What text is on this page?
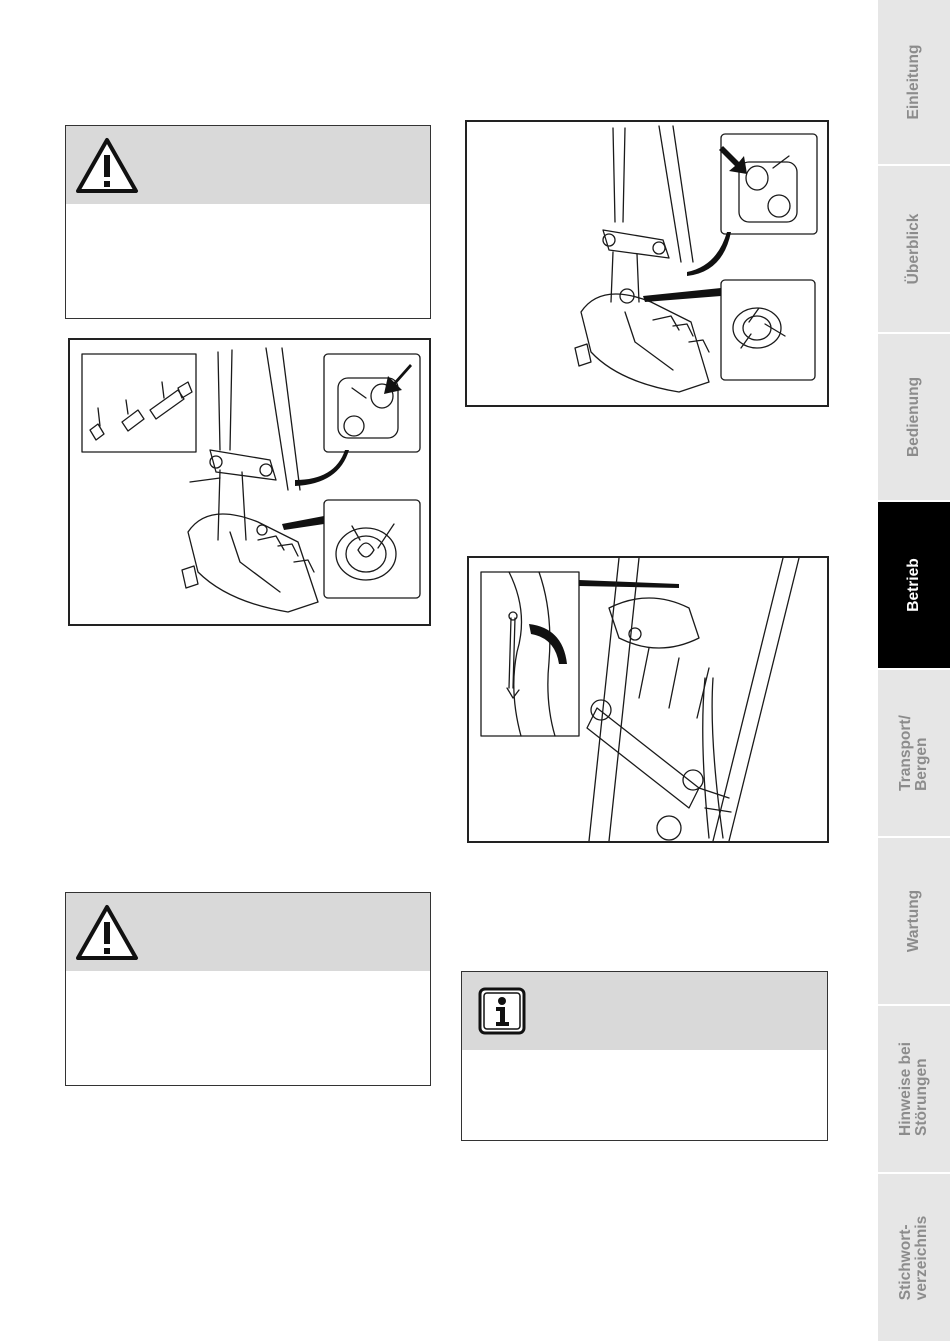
Einleitung
Überblick
Bedienung
Betrieb
Transport/
Bergen
Wartung
Hinweise bei
Störungen
Stichwort-
verzeichnis
